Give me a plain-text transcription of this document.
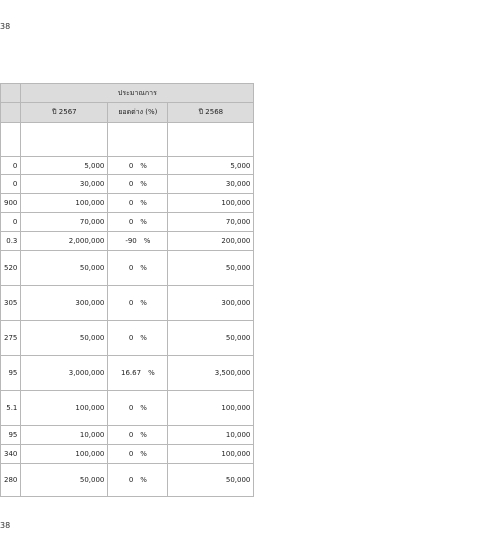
38
	ประมาณการ		
	ปี 2567	ยอดต่าง (%)	ปี 2568

0	5,000	0 %	5,000
0	30,000	0 %	30,000
900	100,000	0 %	100,000
0	70,000	0 %	70,000
0.3	2,000,000	-90 %	200,000
520	50,000	0 %	50,000
305	300,000	0 %	300,000
275	50,000	0 %	50,000
95	3,000,000	16.67 %	3,500,000
5.1	100,000	0 %	100,000
95	10,000	0 %	10,000
340	100,000	0 %	100,000
280	50,000	0 %	50,000
38
